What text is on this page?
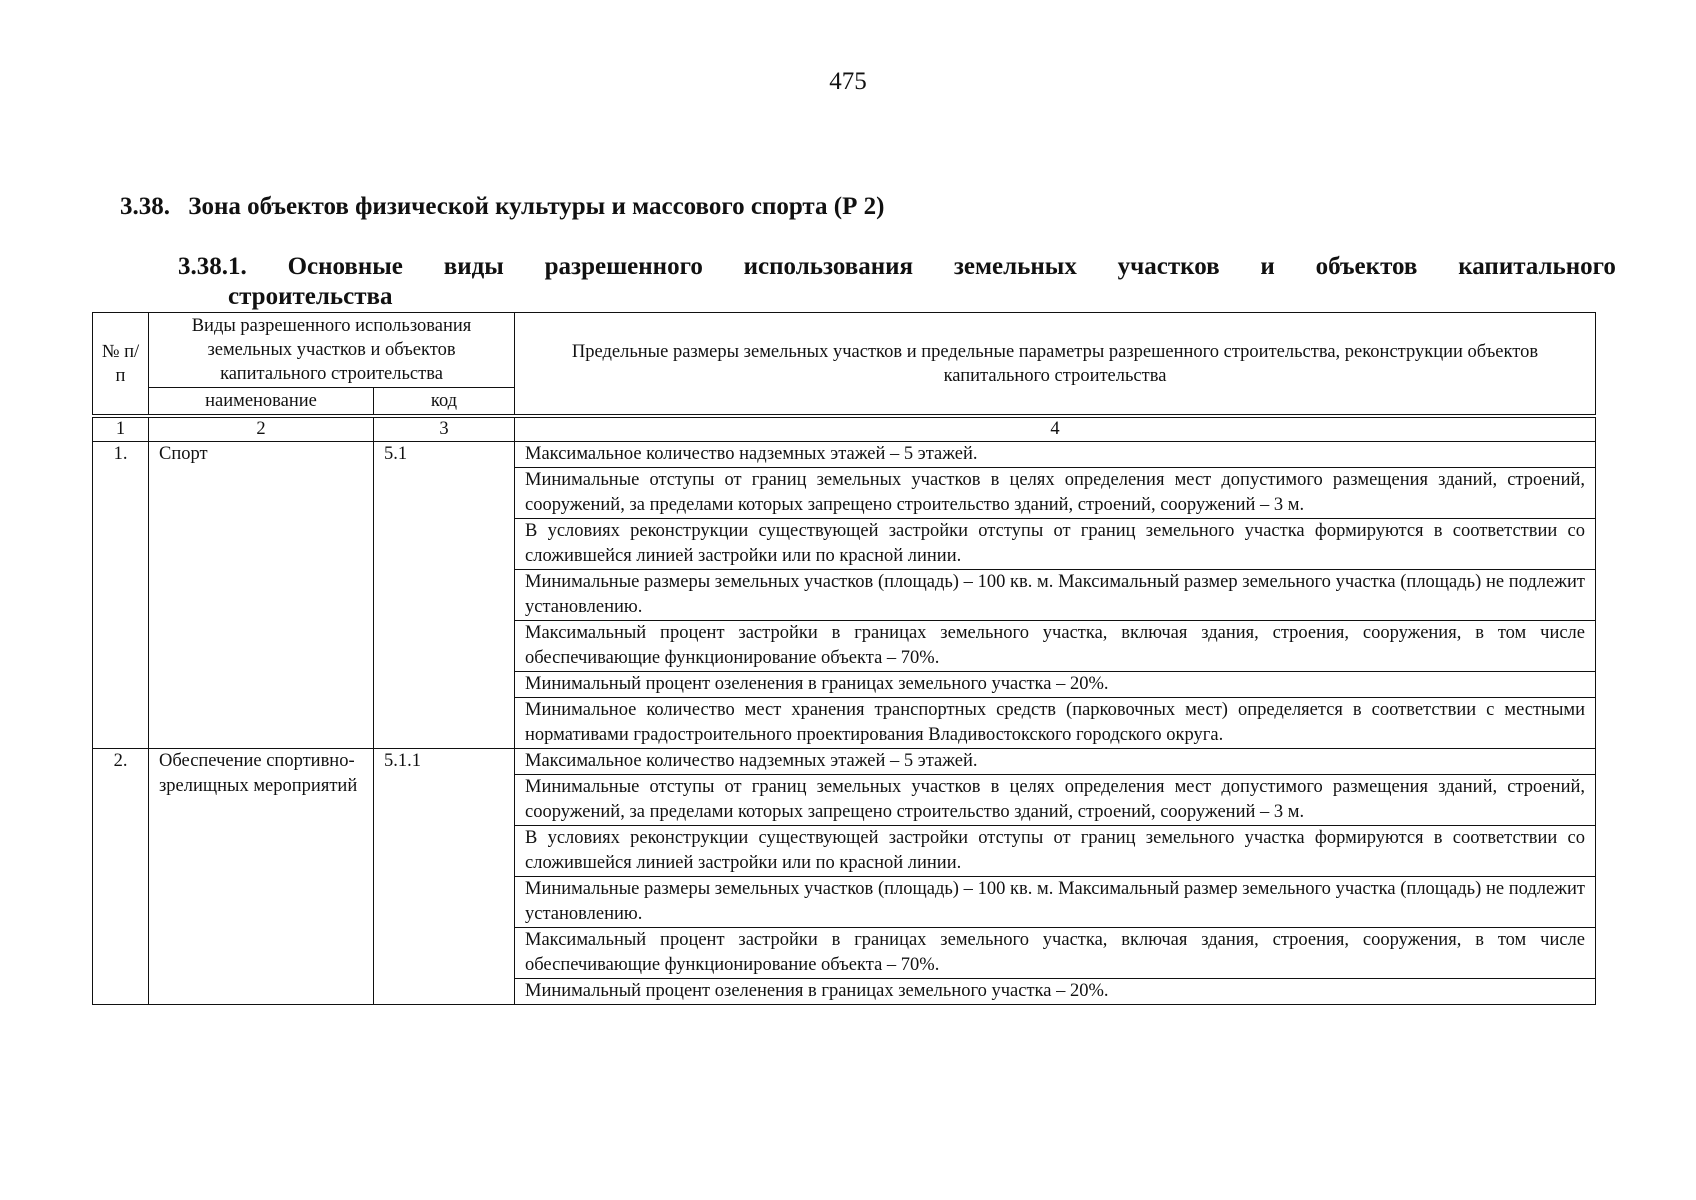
475
3.38. Зона объектов физической культуры и массового спорта (Р 2)
3.38.1. Основные виды разрешенного использования земельных участков и объектов капитального
строительства
№ п/п	Виды разрешенного использования земельных участков и объектов капитального строительства		Предельные размеры земельных участков и предельные параметры разрешенного строительства, реконструкции объектов капитального строительства
	наименование	код	

1	2	3	4
1.	Спорт	5.1	Максимальное количество надземных этажей – 5 этажей.
			Минимальные отступы от границ земельных участков в целях определения мест допустимого размещения зданий, строений, сооружений, за пределами которых запрещено строительство зданий, строений, сооружений – 3 м.
			В условиях реконструкции существующей застройки отступы от границ земельного участка формируются в соответствии со сложившейся линией застройки или по красной линии.
			Минимальные размеры земельных участков (площадь) – 100 кв. м. Максимальный размер земельного участка (площадь) не подлежит установлению.
			Максимальный процент застройки в границах земельного участка, включая здания, строения, сооружения, в том числе обеспечивающие функционирование объекта – 70%.
			Минимальный процент озеленения в границах земельного участка – 20%.
			Минимальное количество мест хранения транспортных средств (парковочных мест) определяется в соответствии с местными нормативами градостроительного проектирования Владивостокского городского округа.
2.	Обеспечение спортивно-зрелищных мероприятий	5.1.1	Максимальное количество надземных этажей – 5 этажей.
			Минимальные отступы от границ земельных участков в целях определения мест допустимого размещения зданий, строений, сооружений, за пределами которых запрещено строительство зданий, строений, сооружений – 3 м.
			В условиях реконструкции существующей застройки отступы от границ земельного участка формируются в соответствии со сложившейся линией застройки или по красной линии.
			Минимальные размеры земельных участков (площадь) – 100 кв. м. Максимальный размер земельного участка (площадь) не подлежит установлению.
			Максимальный процент застройки в границах земельного участка, включая здания, строения, сооружения, в том числе обеспечивающие функционирование объекта – 70%.
			Минимальный процент озеленения в границах земельного участка – 20%.
